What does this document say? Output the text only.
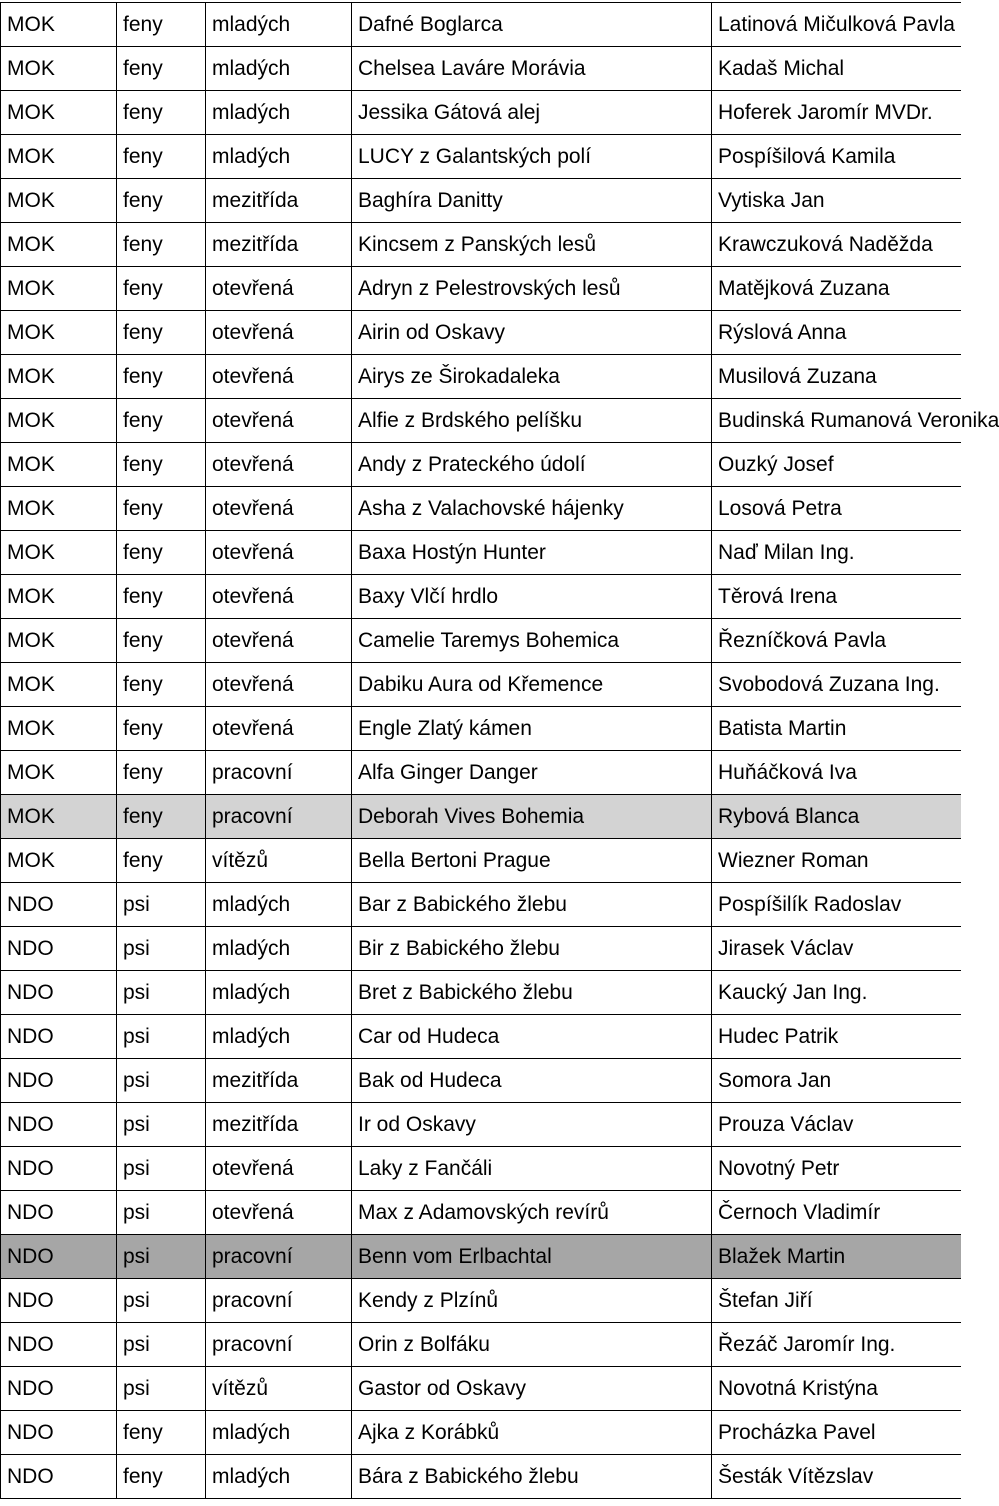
MOK	feny	mladých	Dafné Boglarca	Latinová Mičulková Pavla
MOK	feny	mladých	Chelsea Laváre Morávia	Kadaš Michal
MOK	feny	mladých	Jessika Gátová alej	Hoferek Jaromír MVDr.
MOK	feny	mladých	LUCY z Galantských polí	Pospíšilová Kamila
MOK	feny	mezitřída	Baghíra Danitty	Vytiska Jan
MOK	feny	mezitřída	Kincsem z Panských lesů	Krawczuková Naděžda
MOK	feny	otevřená	Adryn z Pelestrovských lesů	Matějková Zuzana
MOK	feny	otevřená	Airin od Oskavy	Rýslová Anna
MOK	feny	otevřená	Airys ze Širokadaleka	Musilová Zuzana
MOK	feny	otevřená	Alfie z Brdského pelíšku	Budinská Rumanová Veronika
MOK	feny	otevřená	Andy z Prateckého údolí	Ouzký Josef
MOK	feny	otevřená	Asha z Valachovské hájenky	Losová Petra
MOK	feny	otevřená	Baxa Hostýn Hunter	Naď Milan Ing.
MOK	feny	otevřená	Baxy Vlčí hrdlo	Těrová Irena
MOK	feny	otevřená	Camelie Taremys Bohemica	Řezníčková Pavla
MOK	feny	otevřená	Dabiku Aura od Křemence	Svobodová Zuzana Ing.
MOK	feny	otevřená	Engle Zlatý kámen	Batista Martin
MOK	feny	pracovní	Alfa Ginger Danger	Huňáčková Iva
MOK	feny	pracovní	Deborah Vives Bohemia	Rybová Blanca
MOK	feny	vítězů	Bella Bertoni Prague	Wiezner Roman
NDO	psi	mladých	Bar z Babického žlebu	Pospíšilík Radoslav
NDO	psi	mladých	Bir z Babického žlebu	Jirasek Václav
NDO	psi	mladých	Bret z Babického žlebu	Kaucký Jan Ing.
NDO	psi	mladých	Car od Hudeca	Hudec Patrik
NDO	psi	mezitřída	Bak od Hudeca	Somora Jan
NDO	psi	mezitřída	Ir od Oskavy	Prouza Václav
NDO	psi	otevřená	Laky z Fančáli	Novotný Petr
NDO	psi	otevřená	Max z Adamovských revírů	Černoch Vladimír
NDO	psi	pracovní	Benn vom Erlbachtal	Blažek Martin
NDO	psi	pracovní	Kendy z Plzínů	Štefan Jiří
NDO	psi	pracovní	Orin z Bolfáku	Řezáč Jaromír Ing.
NDO	psi	vítězů	Gastor od Oskavy	Novotná Kristýna
NDO	feny	mladých	Ajka z Korábků	Procházka Pavel
NDO	feny	mladých	Bára z Babického žlebu	Šesták Vítězslav
